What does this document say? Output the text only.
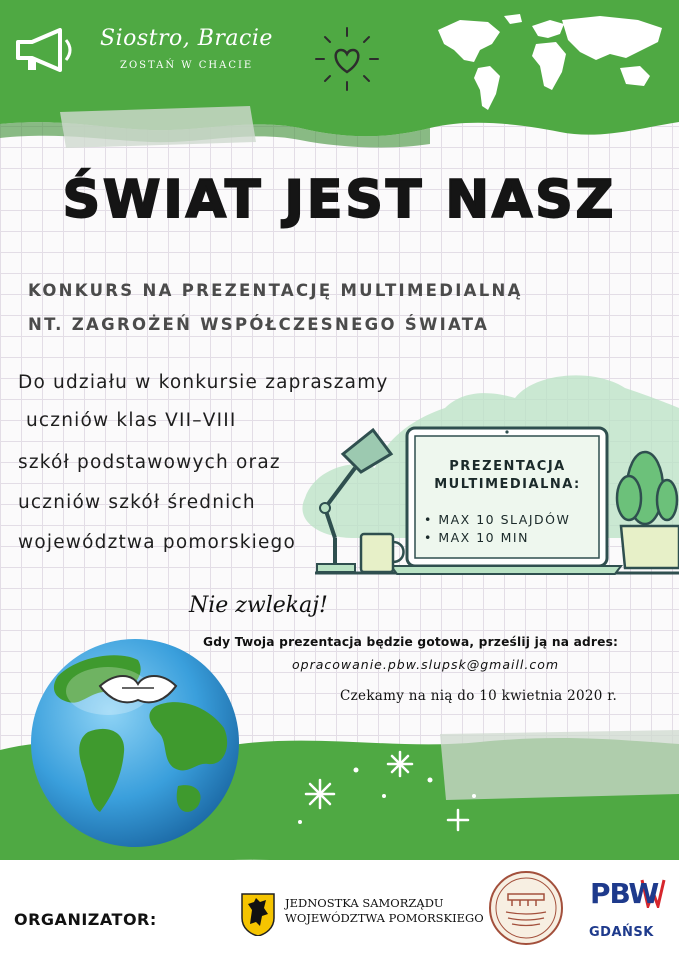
Siostro, Bracie
ZOSTAŃ W CHACIE
ŚWIAT JEST NASZ
KONKURS NA PREZENTACJĘ MULTIMEDIALNĄ
NT. ZAGROŻEŃ WSPÓŁCZESNEGO ŚWIATA
Do udziału w konkursie zapraszamy
uczniów klas VII–VIII
szkół podstawowych oraz
uczniów szkół średnich
województwa pomorskiego
PREZENTACJA
MULTIMEDIALNA:
• MAX 10 SLAJDÓW
• MAX 10 MIN
Nie zwlekaj!
Gdy Twoja prezentacja będzie gotowa, prześlij ją na adres:
opracowanie.pbw.slupsk@gmaill.com
Czekamy na nią do 10 kwietnia 2020 r.
ORGANIZATOR:
JEDNOSTKA SAMORZĄDU
WOJEWÓDZTWA POMORSKIEGO
PBW
GDAŃSK
